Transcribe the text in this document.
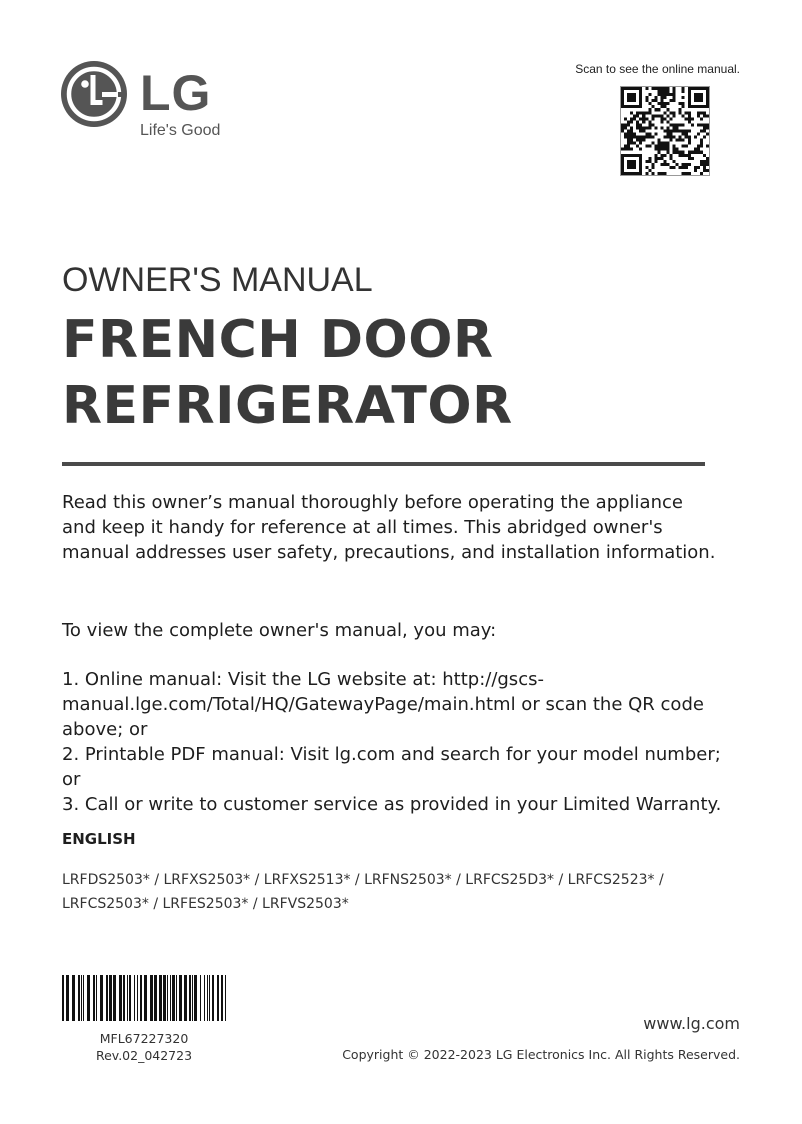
LG
Life's Good
Scan to see the online manual.
OWNER'S MANUAL
FRENCH DOOR
REFRIGERATOR
Read this owner’s manual thoroughly before operating the appliance and keep it handy for reference at all times. This abridged owner's manual addresses user safety, precautions, and installation information.
To view the complete owner's manual, you may:
1. Online manual: Visit the LG website at: http://gscs-manual.lge.com/Total/HQ/GatewayPage/main.html or scan the QR code above; or
2. Printable PDF manual: Visit lg.com and search for your model number; or
3. Call or write to customer service as provided in your Limited Warranty.
ENGLISH
LRFDS2503* / LRFXS2503* / LRFXS2513* / LRFNS2503* / LRFCS25D3* / LRFCS2523* / LRFCS2503* / LRFES2503* / LRFVS2503*
MFL67227320
Rev.02_042723
www.lg.com
Copyright © 2022-2023 LG Electronics Inc. All Rights Reserved.
